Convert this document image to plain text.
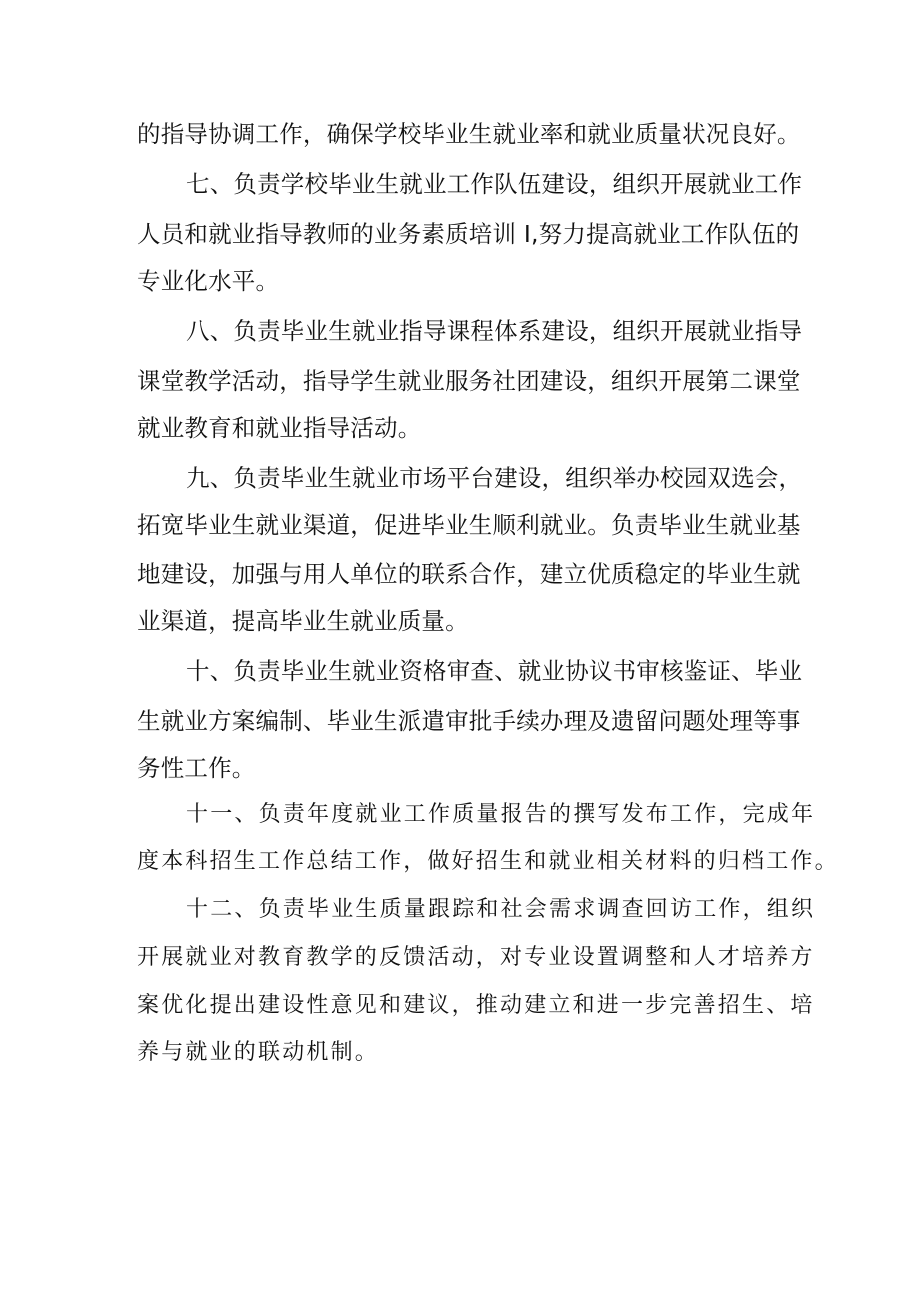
的指导协调工作，确保学校毕业生就业率和就业质量状况良好。
七、负责学校毕业生就业工作队伍建设，组织开展就业工作
人员和就业指导教师的业务素质培训 I,努力提高就业工作队伍的
专业化水平。
八、负责毕业生就业指导课程体系建设，组织开展就业指导
课堂教学活动，指导学生就业服务社团建设，组织开展第二课堂
就业教育和就业指导活动。
九、负责毕业生就业市场平台建设，组织举办校园双选会，
拓宽毕业生就业渠道，促进毕业生顺利就业。负责毕业生就业基
地建设，加强与用人单位的联系合作，建立优质稳定的毕业生就
业渠道，提高毕业生就业质量。
十、负责毕业生就业资格审查、就业协议书审核鉴证、毕业
生就业方案编制、毕业生派遣审批手续办理及遗留问题处理等事
务性工作。
十一、负责年度就业工作质量报告的撰写发布工作，完成年
度本科招生工作总结工作，做好招生和就业相关材料的归档工作。
十二、负责毕业生质量跟踪和社会需求调查回访工作，组织
开展就业对教育教学的反馈活动，对专业设置调整和人才培养方
案优化提出建设性意见和建议，推动建立和进一步完善招生、培
养与就业的联动机制。
